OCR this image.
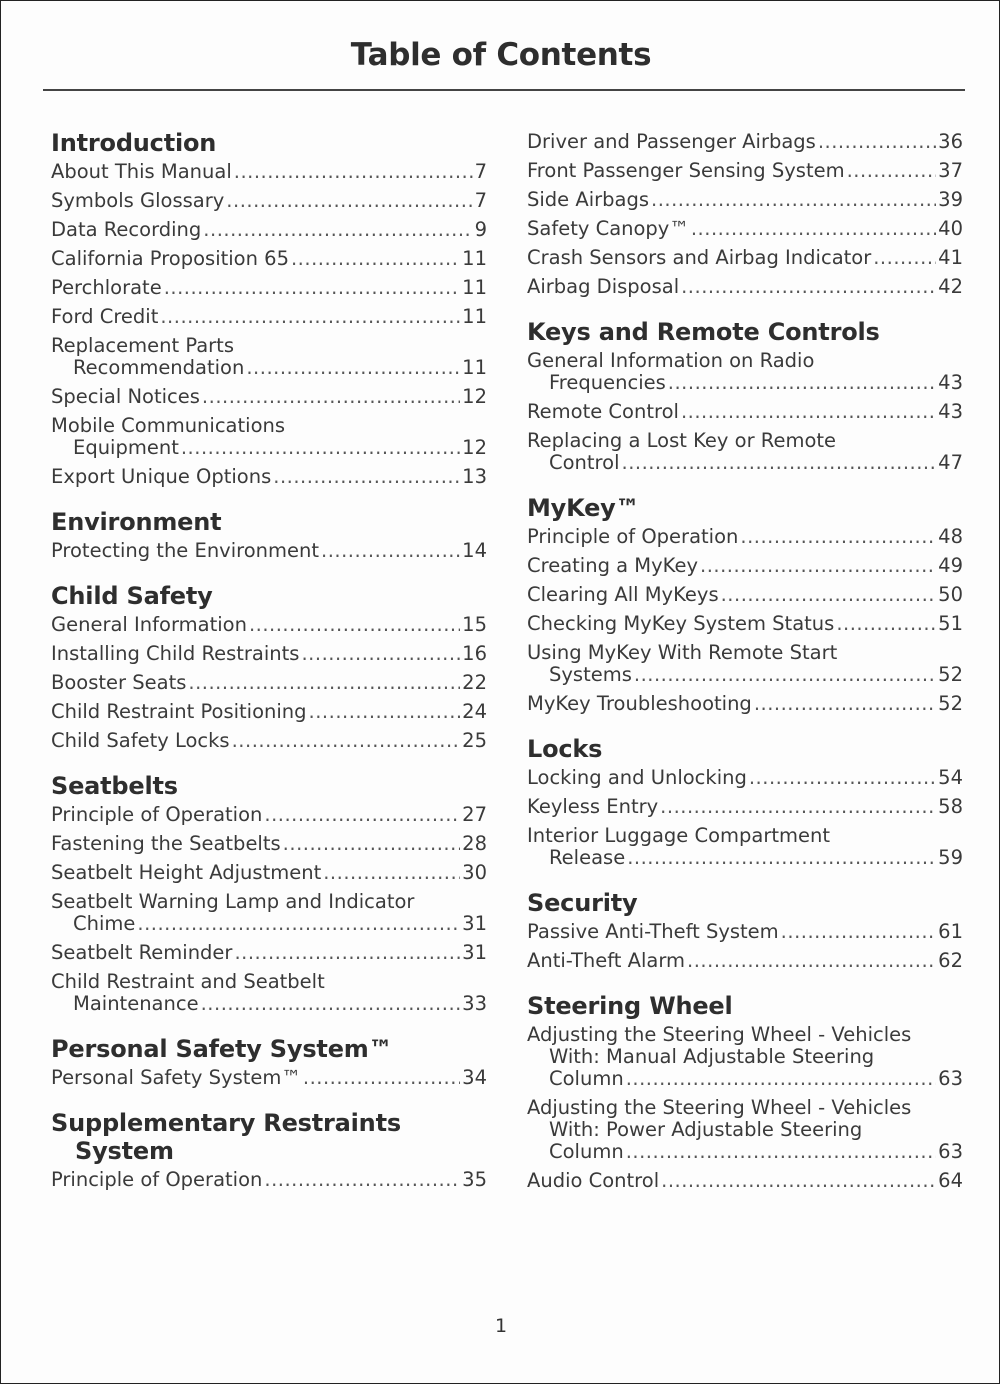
Table of Contents
Introduction
About This Manual .....	7
Symbols Glossary .....	7
Data Recording .....	9
California Proposition 65 .....	11
Perchlorate .....	11
Ford Credit .....	11
Replacement Parts
Recommendation .....	11
Special Notices .....	12
Mobile Communications
Equipment .....	12
Export Unique Options .....	13
Environment
Protecting the Environment .....	14
Child Safety
General Information .....	15
Installing Child Restraints .....	16
Booster Seats .....	22
Child Restraint Positioning .....	24
Child Safety Locks .....	25
Seatbelts
Principle of Operation .....	27
Fastening the Seatbelts .....	28
Seatbelt Height Adjustment .....	30
Seatbelt Warning Lamp and Indicator
Chime .....	31
Seatbelt Reminder .....	31
Child Restraint and Seatbelt
Maintenance .....	33
Personal Safety System™
Personal Safety System™ .....	34
Supplementary Restraints
System
Principle of Operation .....	35
Driver and Passenger Airbags .....	36
Front Passenger Sensing System .....	37
Side Airbags .....	39
Safety Canopy™ .....	40
Crash Sensors and Airbag Indicator .....	41
Airbag Disposal .....	42
Keys and Remote Controls
General Information on Radio
Frequencies .....	43
Remote Control .....	43
Replacing a Lost Key or Remote
Control .....	47
MyKey™
Principle of Operation .....	48
Creating a MyKey .....	49
Clearing All MyKeys .....	50
Checking MyKey System Status .....	51
Using MyKey With Remote Start
Systems .....	52
MyKey Troubleshooting .....	52
Locks
Locking and Unlocking .....	54
Keyless Entry .....	58
Interior Luggage Compartment
Release .....	59
Security
Passive Anti-Theft System .....	61
Anti-Theft Alarm .....	62
Steering Wheel
Adjusting the Steering Wheel - Vehicles
With: Manual Adjustable Steering
Column .....	63
Adjusting the Steering Wheel - Vehicles
With: Power Adjustable Steering
Column .....	63
Audio Control .....	64
1
